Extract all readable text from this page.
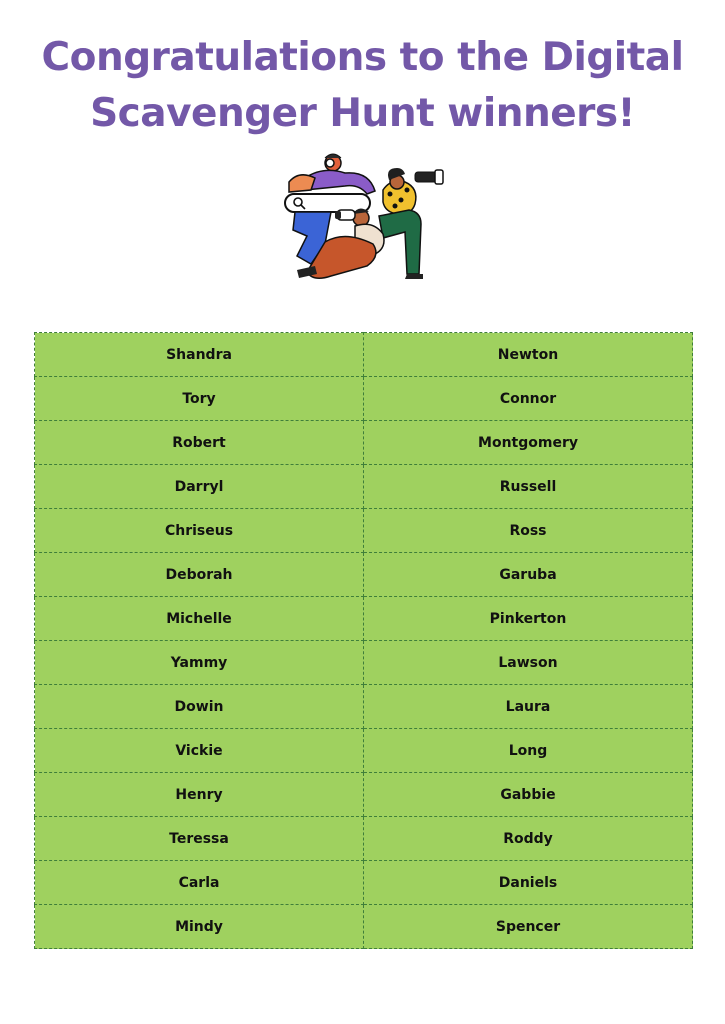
Congratulations to the Digital
Scavenger Hunt winners!
Shandra	Newton
Tory	Connor
Robert	Montgomery
Darryl	Russell
Chriseus	Ross
Deborah	Garuba
Michelle	Pinkerton
Yammy	Lawson
Dowin	Laura
Vickie	Long
Henry	Gabbie
Teressa	Roddy
Carla	Daniels
Mindy	Spencer
